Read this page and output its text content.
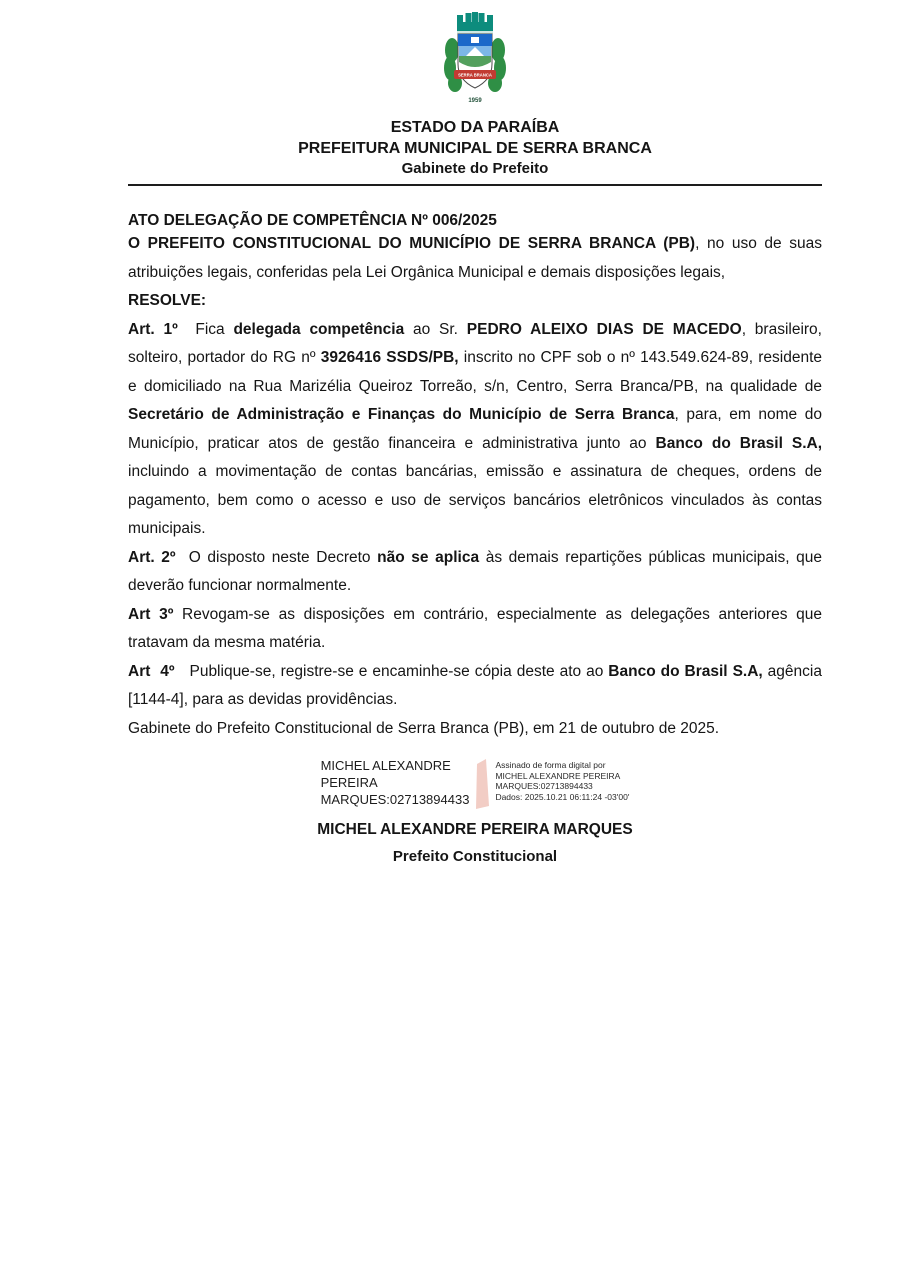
SERRA BRANCA
1959
ESTADO DA PARAÍBA
PREFEITURA MUNICIPAL DE SERRA BRANCA
Gabinete do Prefeito

ATO DELEGAÇÃO DE COMPETÊNCIA Nº 006/2025

O PREFEITO CONSTITUCIONAL DO MUNICÍPIO DE SERRA BRANCA (PB), no uso de suas atribuições legais, conferidas pela Lei Orgânica Municipal e demais disposições legais,

RESOLVE:

Art. 1º  Fica delegada competência ao Sr. PEDRO ALEIXO DIAS DE MACEDO, brasileiro, solteiro, portador do RG nº 3926416 SSDS/PB, inscrito no CPF sob o nº 143.549.624-89, residente e domiciliado na Rua Marizélia Queiroz Torreão, s/n, Centro, Serra Branca/PB, na qualidade de Secretário de Administração e Finanças do Município de Serra Branca, para, em nome do Município, praticar atos de gestão financeira e administrativa junto ao Banco do Brasil S.A, incluindo a movimentação de contas bancárias, emissão e assinatura de cheques, ordens de pagamento, bem como o acesso e uso de serviços bancários eletrônicos vinculados às contas municipais.

Art. 2º  O disposto neste Decreto não se aplica às demais repartições públicas municipais, que deverão funcionar normalmente.

Art 3º Revogam-se as disposições em contrário, especialmente as delegações anteriores que tratavam da mesma matéria.

Art  4º   Publique-se, registre-se e encaminhe-se cópia deste ato ao Banco do Brasil S.A, agência [1144-4], para as devidas providências.

Gabinete do Prefeito Constitucional de Serra Branca (PB), em 21 de outubro de 2025.

MICHEL ALEXANDRE
PEREIRA
MARQUES:02713894433
Assinado de forma digital por
MICHEL ALEXANDRE PEREIRA
MARQUES:02713894433
Dados: 2025.10.21 06:11:24 -03'00'
MICHEL ALEXANDRE PEREIRA MARQUES
Prefeito Constitucional
